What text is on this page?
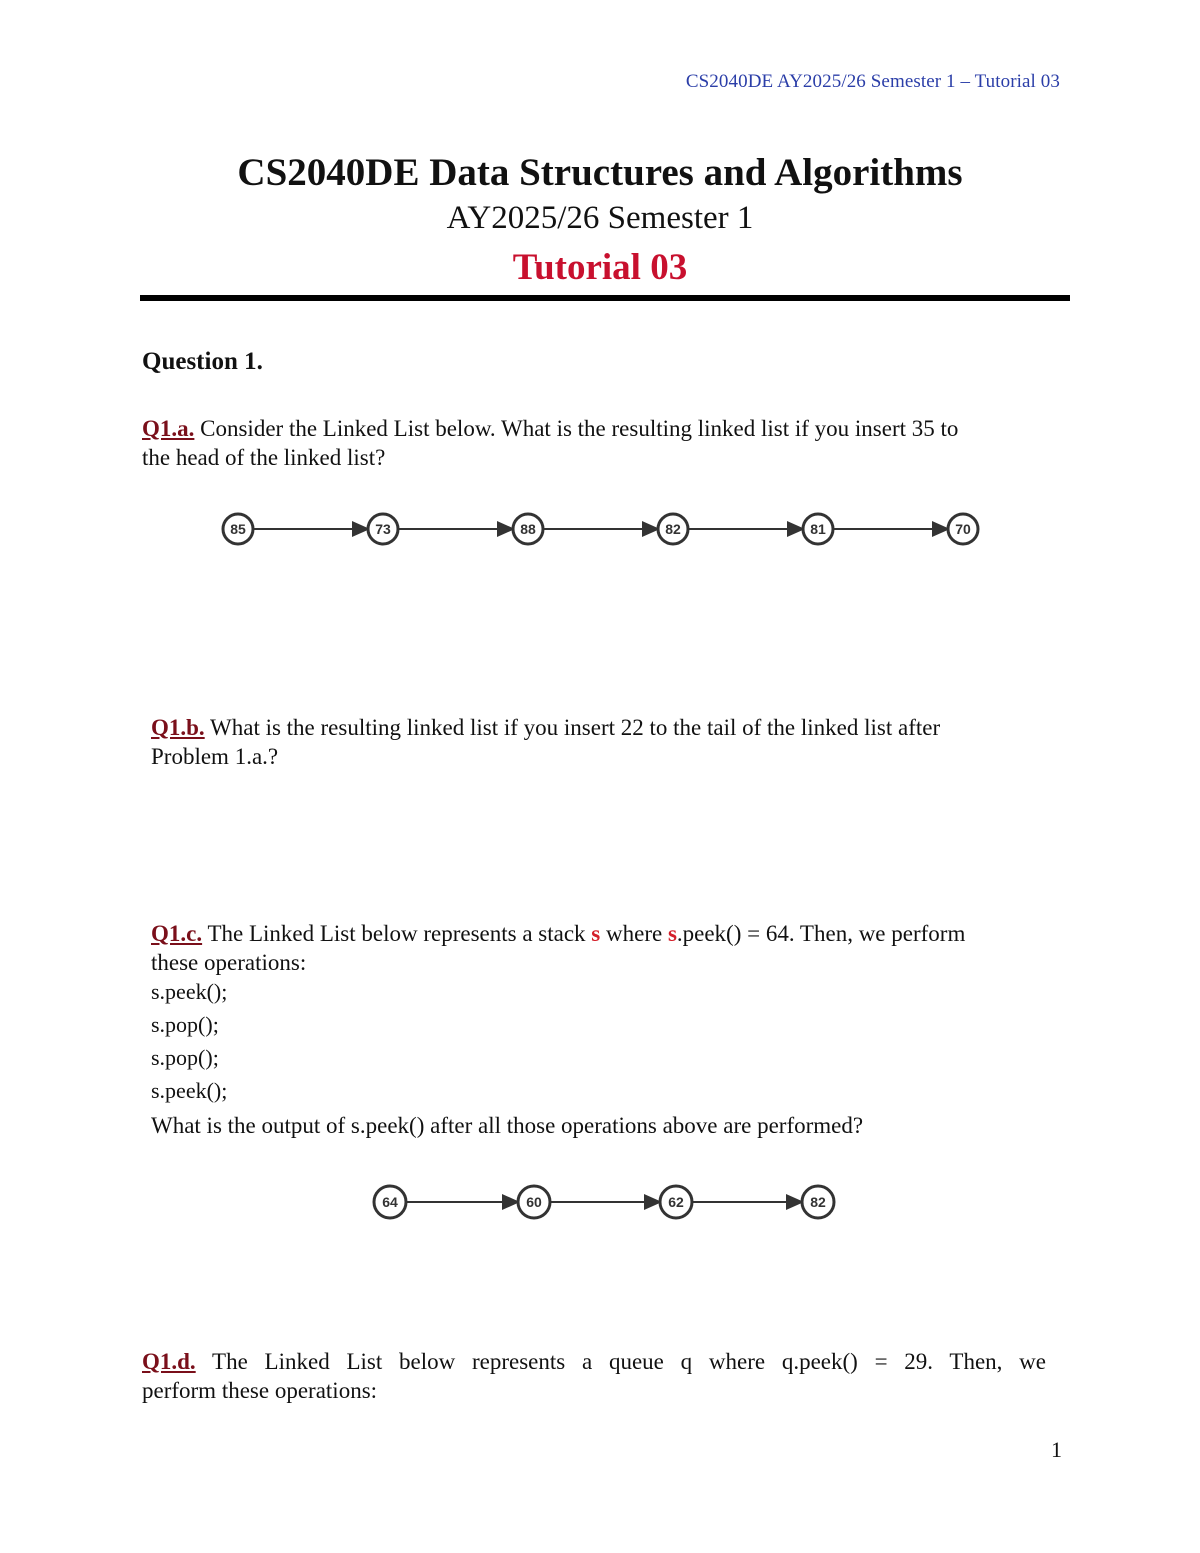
CS2040DE AY2025/26 Semester 1 – Tutorial 03
CS2040DE Data Structures and Algorithms
AY2025/26 Semester 1
Tutorial 03
Question 1.
Q1.a. Consider the Linked List below. What is the resulting linked list if you insert 35 to
the head of the linked list?
85	73	88	82	81	70
Q1.b. What is the resulting linked list if you insert 22 to the tail of the linked list after
Problem 1.a.?
Q1.c. The Linked List below represents a stack s where s.peek() = 64. Then, we perform
these operations:
s.peek();
s.pop();
s.pop();
s.peek();
What is the output of s.peek() after all those operations above are performed?
64	60	62	82
Q1.d. The Linked List below represents a queue q where q.peek() = 29. Then, we
perform these operations:
1
